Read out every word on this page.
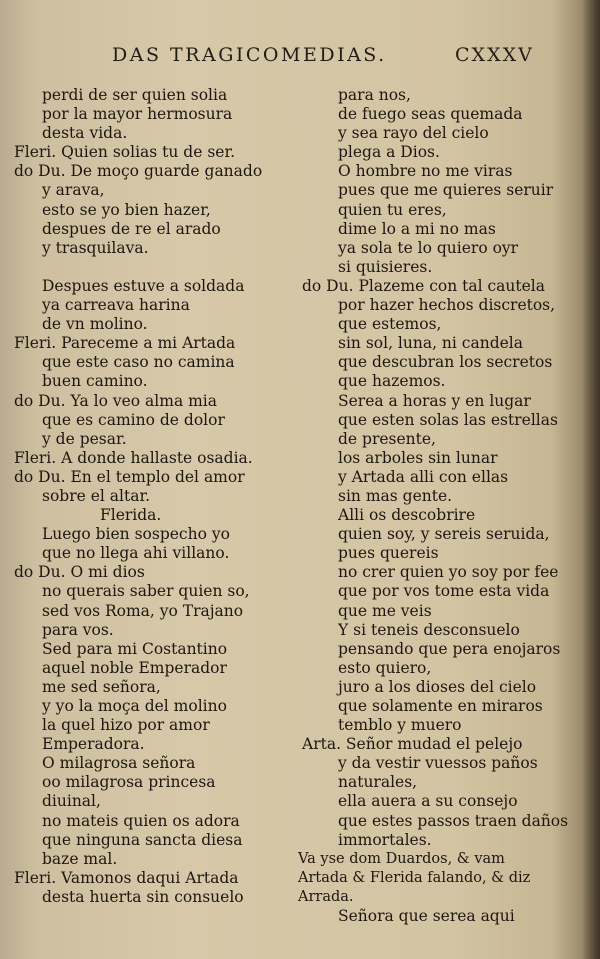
DAS TRAGICOMEDIAS.	CXXXV
perdi de ser quien solia
por la mayor hermosura
desta vida.
Fleri. Quien solias tu de ser.
do Du. De moço guarde ganado
y arava,
esto se yo bien hazer,
despues de re el arado
y trasquilava.
Despues estuve a soldada
ya carreava harina
de vn molino.
Fleri. Pareceme a mi Artada
que este caso no camina
buen camino.
do Du. Ya lo veo alma mia
que es camino de dolor
y de pesar.
Fleri. A donde hallaste osadia.
do Du. En el templo del amor
sobre el altar.
Flerida.
Luego bien sospecho yo
que no llega ahi villano.
do Du. O mi dios
no querais saber quien so,
sed vos Roma, yo Trajano
para vos.
Sed para mi Costantino
aquel noble Emperador
me sed señora,
y yo la moça del molino
la quel hizo por amor
Emperadora.
O milagrosa señora
oo milagrosa princesa
diuinal,
no mateis quien os adora
que ninguna sancta diesa
baze mal.
Fleri. Vamonos daqui Artada
desta huerta sin consuelo
para nos,
de fuego seas quemada
y sea rayo del cielo
plega a Dios.
O hombre no me viras
pues que me quieres seruir
quien tu eres,
dime lo a mi no mas
ya sola te lo quiero oyr
si quisieres.
do Du. Plazeme con tal cautela
por hazer hechos discretos,
que estemos,
sin sol, luna, ni candela
que descubran los secretos
que hazemos.
Serea a horas y en lugar
que esten solas las estrellas
de presente,
los arboles sin lunar
y Artada alli con ellas
sin mas gente.
Alli os descobrire
quien soy, y sereis seruida,
pues quereis
no crer quien yo soy por fee
que por vos tome esta vida
que me veis
Y si teneis desconsuelo
pensando que pera enojaros
esto quiero,
juro a los dioses del cielo
que solamente en miraros
temblo y muero
Arta. Señor mudad el pelejo
y da vestir vuessos paños
naturales,
ella auera a su consejo
que estes passos traen daños
immortales.
Va yse dom Duardos, & vam Artada & Flerida falando, & diz Arrada.
Señora que serea aqui
